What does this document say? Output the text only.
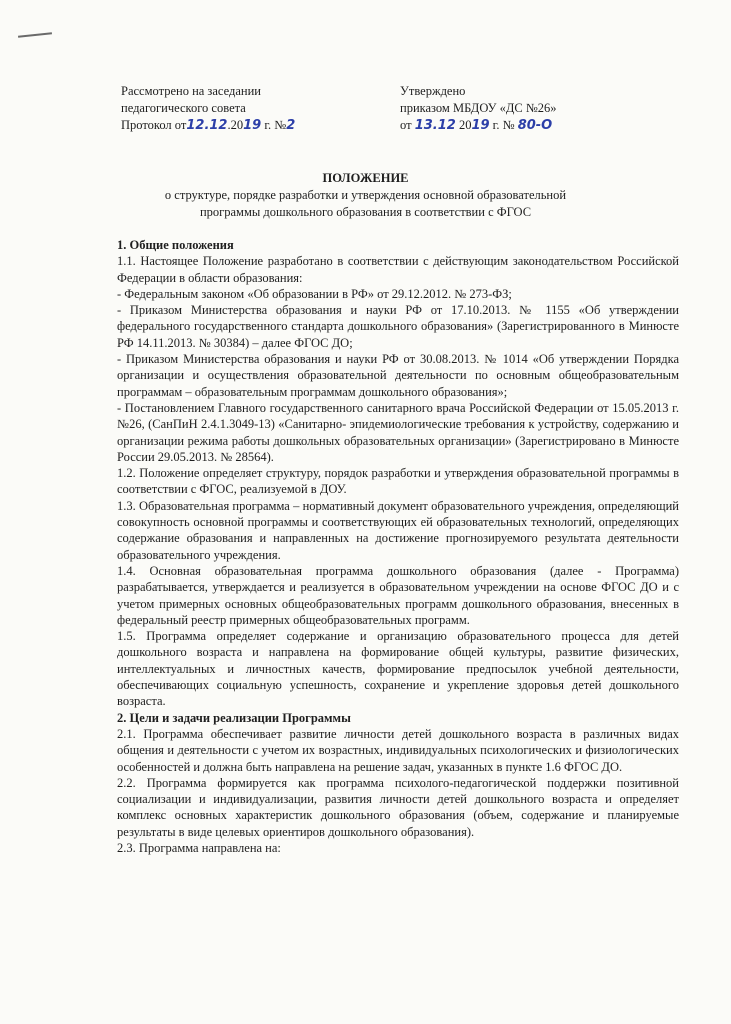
Рассмотрено на заседании
педагогического совета
Протокол от12.12.2019 г. №2
Утверждено
приказом МБДОУ «ДС №26»
от 13.12 2019 г. № 80-О
ПОЛОЖЕНИЕ
о структуре, порядке разработки и утверждения основной образовательной
программы дошкольного образования в соответствии с ФГОС

1. Общие положения

1.1. Настоящее Положение разработано в соответствии с действующим законодательством Российской Федерации в области образования:

- Федеральным законом «Об образовании в РФ» от 29.12.2012. № 273-ФЗ;

- Приказом Министерства образования и науки РФ от 17.10.2013. № 1155 «Об утверждении федерального государственного стандарта дошкольного образования» (Зарегистрированного в Минюсте РФ 14.11.2013. № 30384) – далее ФГОС ДО;

- Приказом Министерства образования и науки РФ от 30.08.2013. № 1014 «Об утверждении Порядка организации и осуществления образовательной деятельности по основным общеобразовательным программам – образовательным программам дошкольного образования»;

- Постановлением Главного государственного санитарного врача Российской Федерации от 15.05.2013 г. №26, (СанПиН 2.4.1.3049-13) «Санитарно- эпидемиологические требования к устройству, содержанию и организации режима работы дошкольных образовательных организации» (Зарегистрировано в Минюсте России 29.05.2013. № 28564).

1.2. Положение определяет структуру, порядок разработки и утверждения образовательной программы в соответствии с ФГОС, реализуемой в ДОУ.

1.3. Образовательная программа – нормативный документ образовательного учреждения, определяющий совокупность основной программы и соответствующих ей образовательных технологий, определяющих содержание образования и направленных на достижение прогнозируемого результата деятельности образовательного учреждения.

1.4. Основная образовательная программа дошкольного образования (далее - Программа) разрабатывается, утверждается и реализуется в образовательном учреждении на основе ФГОС ДО и с учетом примерных основных общеобразовательных программ дошкольного образования, внесенных в федеральный реестр примерных общеобразовательных программ.

1.5. Программа определяет содержание и организацию образовательного процесса для детей дошкольного возраста и направлена на формирование общей культуры, развитие физических, интеллектуальных и личностных качеств, формирование предпосылок учебной деятельности, обеспечивающих социальную успешность, сохранение и укрепление здоровья детей дошкольного возраста.

2. Цели и задачи реализации Программы

2.1. Программа обеспечивает развитие личности детей дошкольного возраста в различных видах общения и деятельности с учетом их возрастных, индивидуальных психологических и физиологических особенностей и должна быть направлена на решение задач, указанных в пункте 1.6 ФГОС ДО.

2.2. Программа формируется как программа психолого-педагогической поддержки позитивной социализации и индивидуализации, развития личности детей дошкольного возраста и определяет комплекс основных характеристик дошкольного образования (объем, содержание и планируемые результаты в виде целевых ориентиров дошкольного образования).

2.3. Программа направлена на:
